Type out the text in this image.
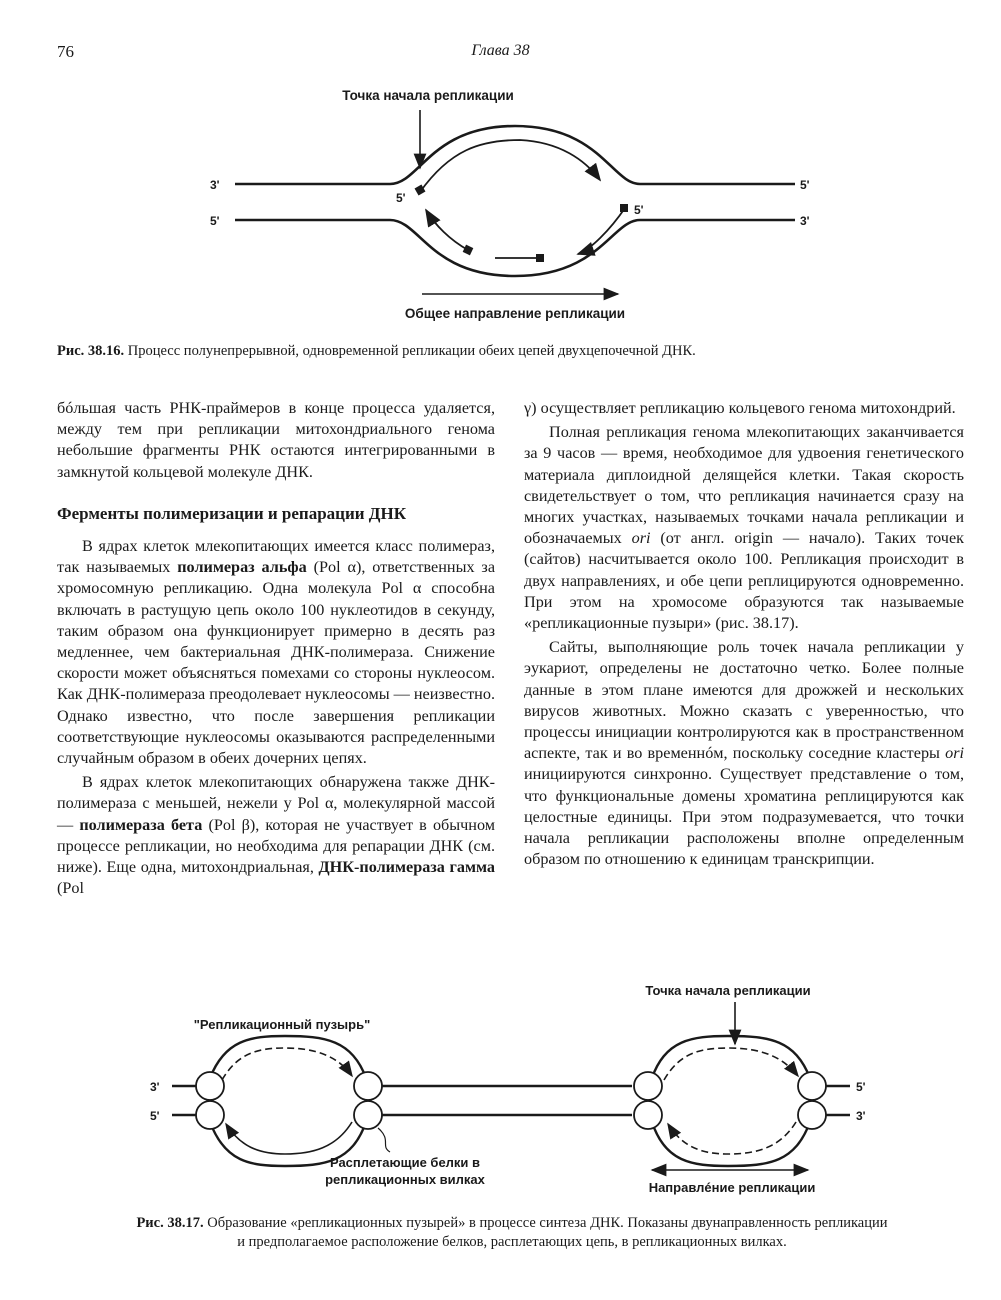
76	Глава 38
Точка начала репликации
3'
5'
5'
3'
5'
5'
Общее направление репликации
Рис. 38.16. Процесс полунепрерывной, одновременной репликации обеих цепей двухцепочечной ДНК.

бóльшая часть РНК-праймеров в конце процесса удаляется, между тем при репликации митохондриального генома небольшие фрагменты РНК остаются интегрированными в замкнутой кольцевой молекуле ДНК.

Ферменты полимеризации и репарации ДНК

В ядрах клеток млекопитающих имеется класс полимераз, так называемых полимераз альфа (Pol α), ответственных за хромосомную репликацию. Одна молекула Pol α способна включать в растущую цепь около 100 нуклеотидов в секунду, таким образом она функционирует примерно в десять раз медленнее, чем бактериальная ДНК-полимераза. Снижение скорости может объясняться помехами со стороны нуклеосом. Как ДНК-полимераза преодолевает нуклеосомы — неизвестно. Однако известно, что после завершения репликации соответствующие нуклеосомы оказываются распределенными случайным образом в обеих дочерних цепях.

В ядрах клеток млекопитающих обнаружена также ДНК-полимераза с меньшей, нежели у Pol α, молекулярной массой — полимераза бета (Pol β), которая не участвует в обычном процессе репликации, но необходима для репарации ДНК (см. ниже). Еще одна, митохондриальная, ДНК-полимераза гамма (Pol

γ) осуществляет репликацию кольцевого генома митохондрий.

Полная репликация генома млекопитающих заканчивается за 9 часов — время, необходимое для удвоения генетического материала диплоидной делящейся клетки. Такая скорость свидетельствует о том, что репликация начинается сразу на многих участках, называемых точками начала репликации и обозначаемых ori (от англ. origin — начало). Таких точек (сайтов) насчитывается около 100. Репликация происходит в двух направлениях, и обе цепи реплицируются одновременно. При этом на хромосоме образуются так называемые «репликационные пузыри» (рис. 38.17).

Сайты, выполняющие роль точек начала репликации у эукариот, определены не достаточно четко. Более полные данные в этом плане имеются для дрожжей и нескольких вирусов животных. Можно сказать с уверенностью, что процессы инициации контролируются как в пространственном аспекте, так и во временнóм, поскольку соседние кластеры ori инициируются синхронно. Существует представление о том, что функциональные домены хроматина реплицируются как целостные единицы. При этом подразумевается, что точки начала репликации расположены вполне определенным образом по отношению к единицам транскрипции.

"Репликационный пузырь"
Точка начала репликации
3'
5'
5'
3'
Расплетающие белки в
репликационных вилках
Направлéние репликации
Рис. 38.17. Образование «репликационных пузырей» в процессе синтеза ДНК. Показаны двунаправленность репликации
и предполагаемое расположение белков, расплетающих цепь, в репликационных вилках.
